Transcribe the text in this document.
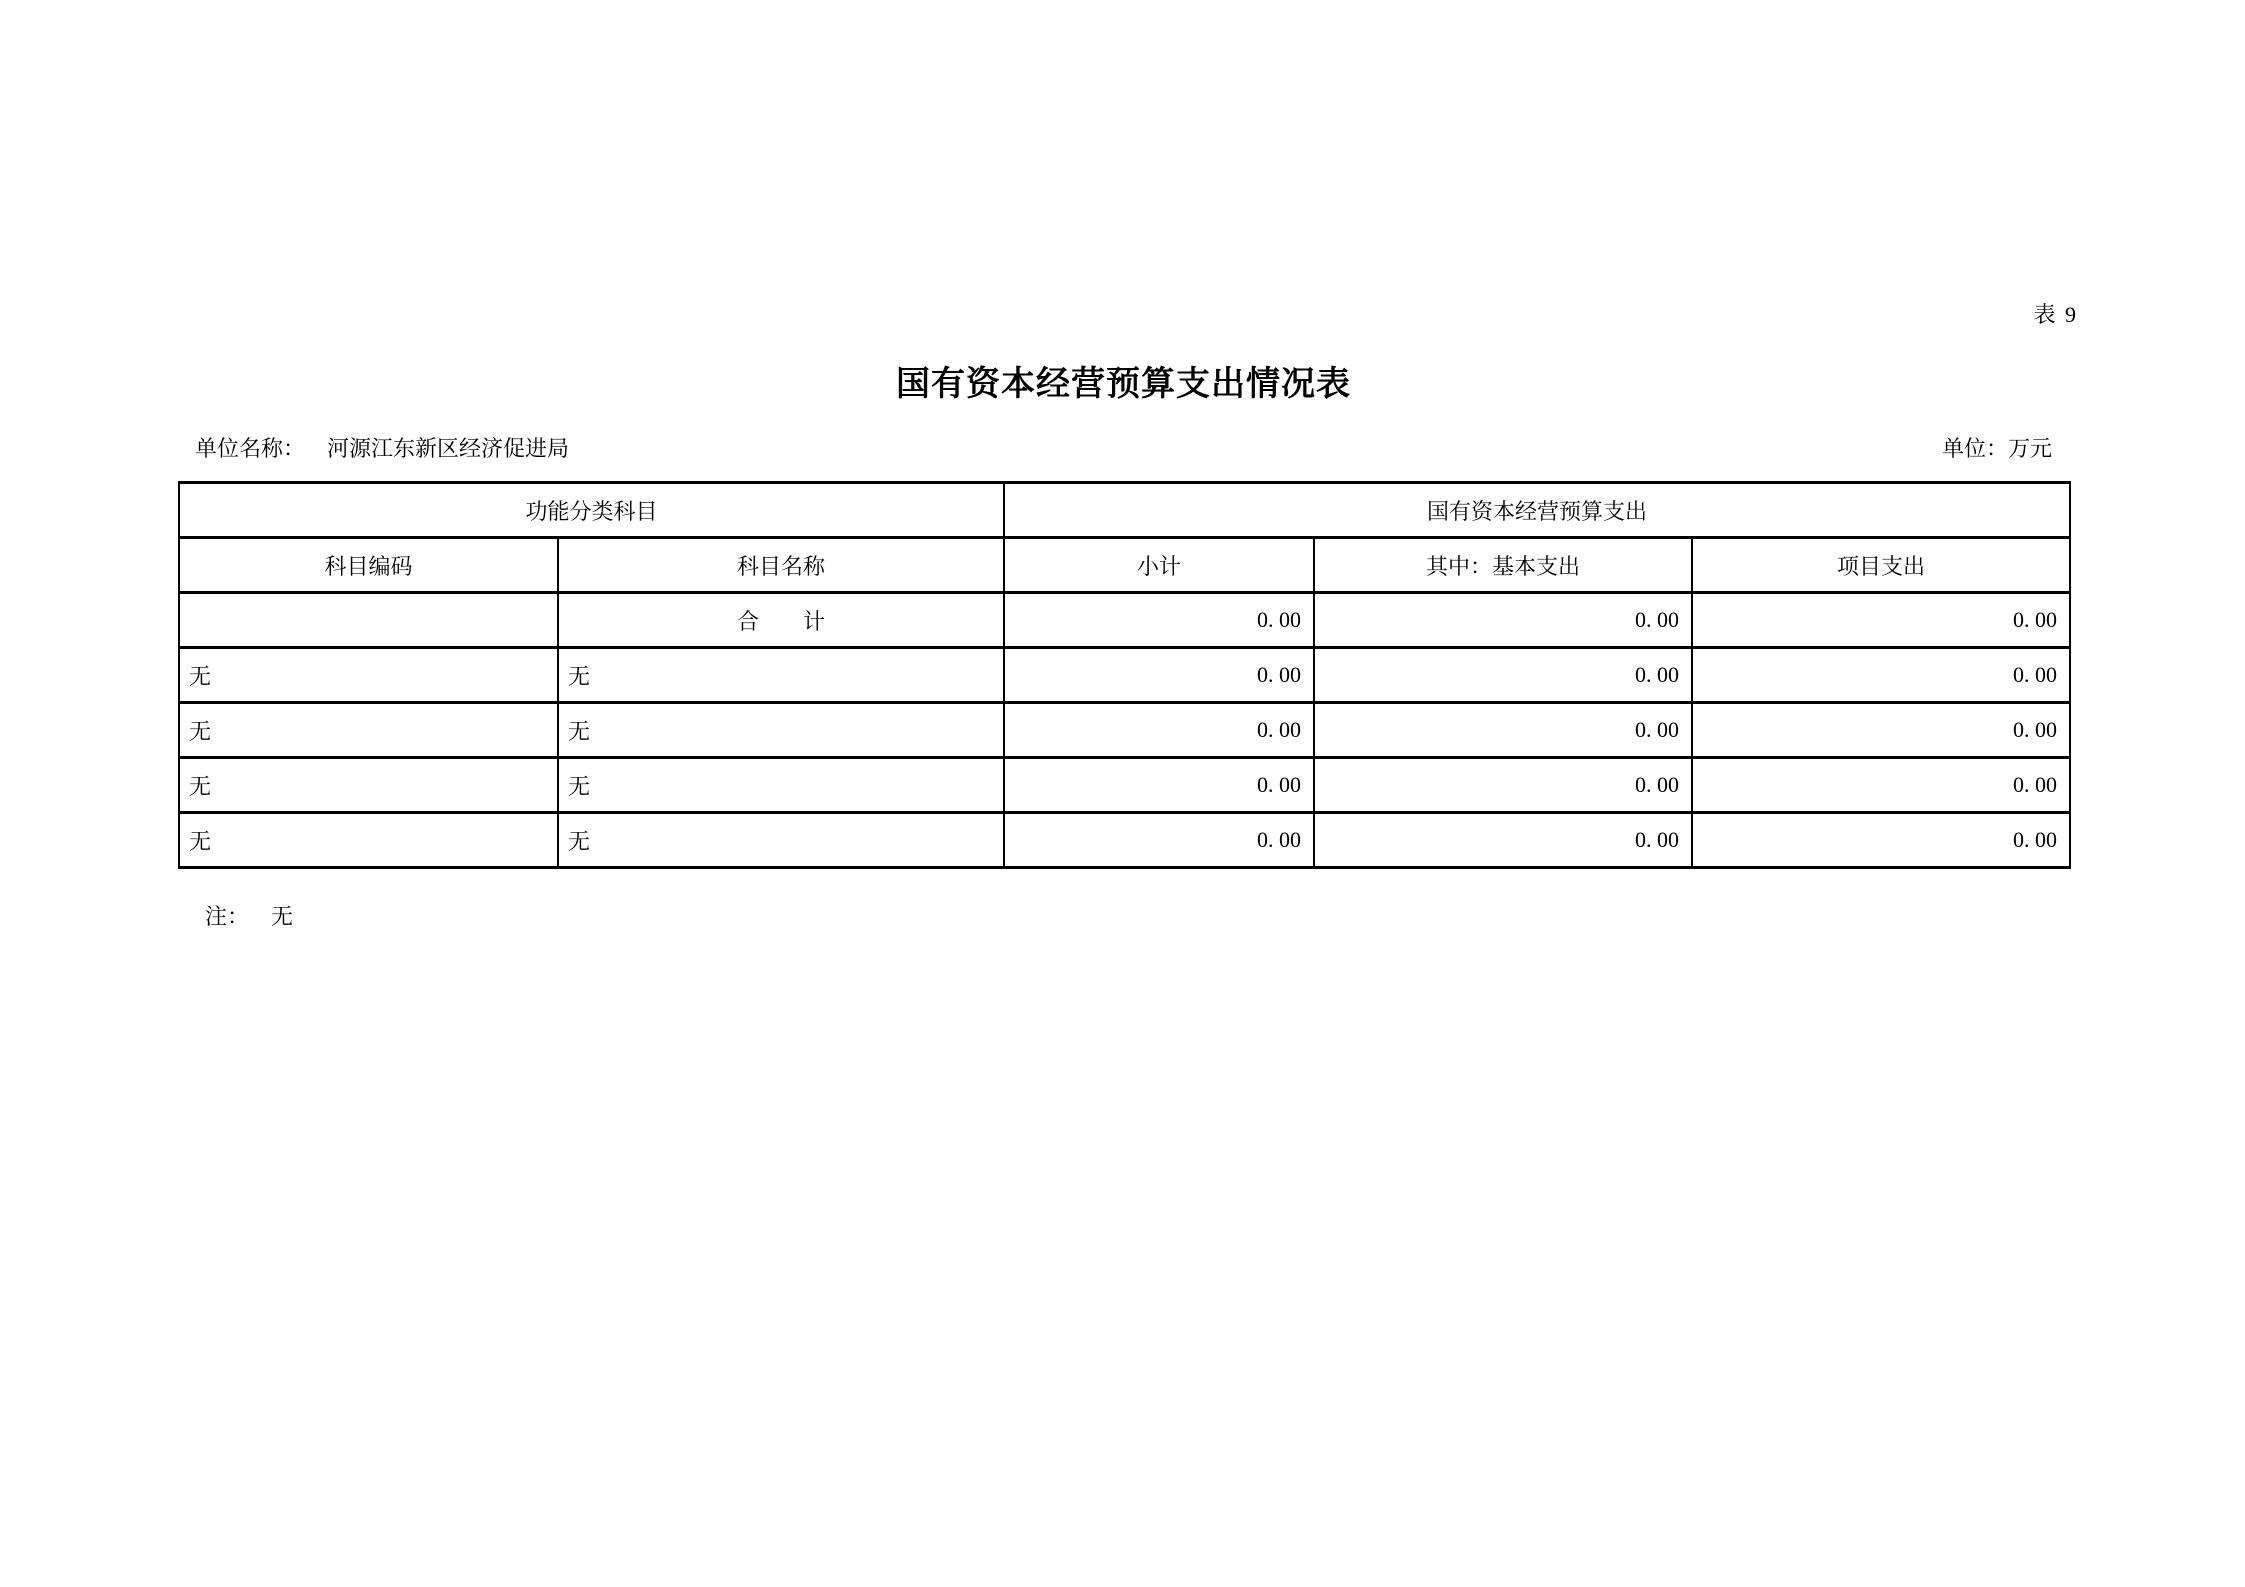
表 9
国有资本经营预算支出情况表
单位名称： 河源江东新区经济促进局	单位：万元
功能分类科目		国有资本经营预算支出		
科目编码	科目名称	小计	其中：基本支出	项目支出
	合　　计	0. 00	0. 00	0. 00
无	无	0. 00	0. 00	0. 00
无	无	0. 00	0. 00	0. 00
无	无	0. 00	0. 00	0. 00
无	无	0. 00	0. 00	0. 00
注： 无
